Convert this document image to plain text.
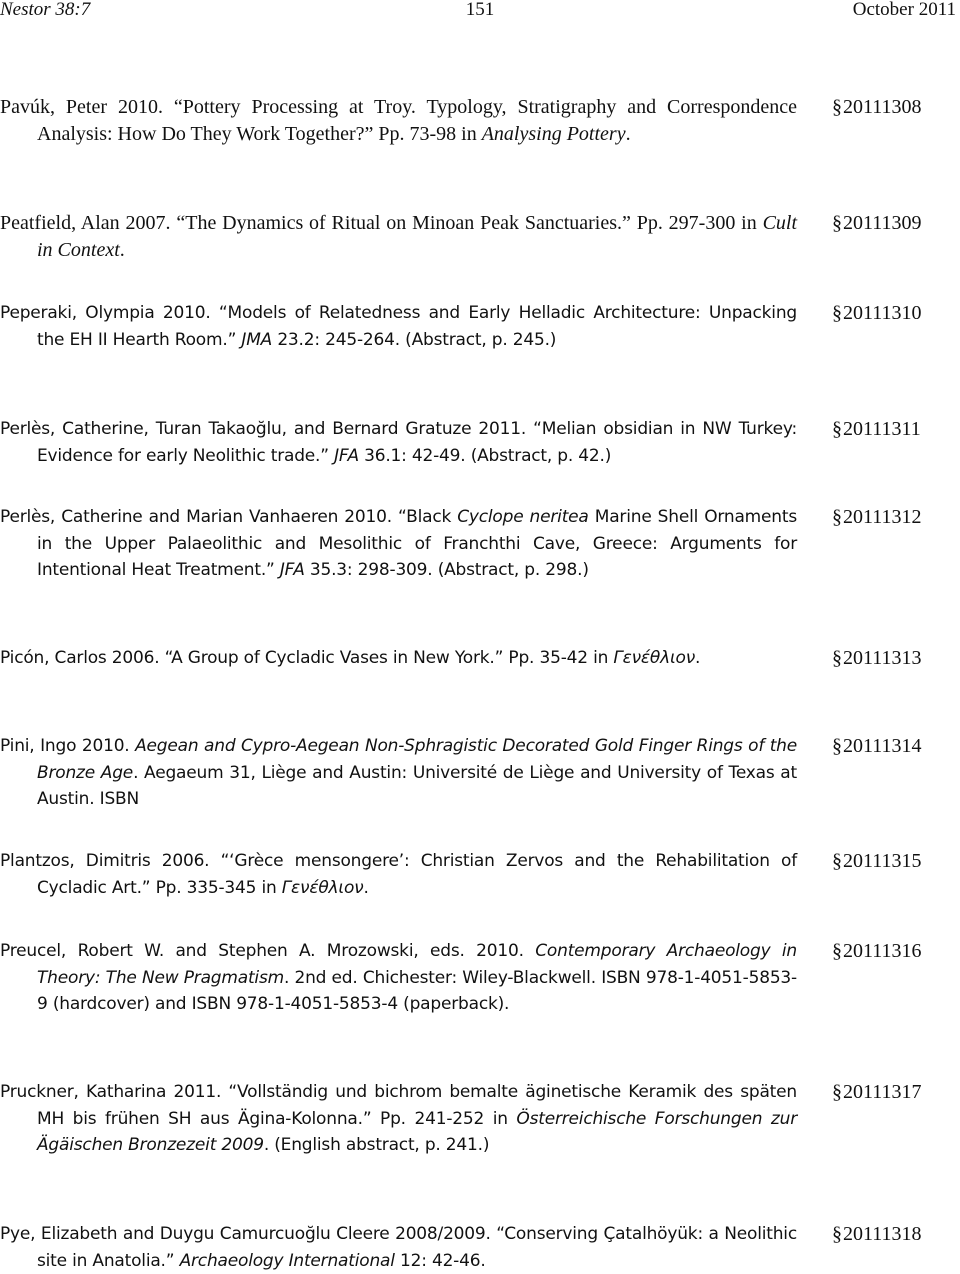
Nestor 38:7	151	October 2011
Pavúk, Peter 2010. “Pottery Processing at Troy. Typology, Stratigraphy and Correspondence Analysis: How Do They Work Together?” Pp. 73-98 in Analysing Pottery.
§20111308
Peatfield, Alan 2007. “The Dynamics of Ritual on Minoan Peak Sanctuaries.” Pp. 297-300 in Cult in Context.
§20111309
Peperaki, Olympia 2010. “Models of Relatedness and Early Helladic Architecture: Unpacking the EH II Hearth Room.” JMA 23.2: 245-264. (Abstract, p. 245.)
§20111310
Perlès, Catherine, Turan Takaoğlu, and Bernard Gratuze 2011. “Melian obsidian in NW Turkey: Evidence for early Neolithic trade.” JFA 36.1: 42-49. (Abstract, p. 42.)
§20111311
Perlès, Catherine and Marian Vanhaeren 2010. “Black Cyclope neritea Marine Shell Ornaments in the Upper Palaeolithic and Mesolithic of Franchthi Cave, Greece: Arguments for Intentional Heat Treatment.” JFA 35.3: 298-309. (Abstract, p. 298.)
§20111312
Picón, Carlos 2006. “A Group of Cycladic Vases in New York.” Pp. 35-42 in Γενέθλιον.	§20111313
Pini, Ingo 2010. Aegean and Cypro-Aegean Non-Sphragistic Decorated Gold Finger Rings of the Bronze Age. Aegaeum 31, Liège and Austin: Université de Liège and University of Texas at Austin. ISBN
§20111314
Plantzos, Dimitris 2006. “‘Grèce mensongere’: Christian Zervos and the Rehabilitation of Cycladic Art.” Pp. 335-345 in Γενέθλιον.
§20111315
Preucel, Robert W. and Stephen A. Mrozowski, eds. 2010. Contemporary Archaeology in Theory: The New Pragmatism. 2nd ed. Chichester: Wiley-Blackwell. ISBN 978-1-4051-5853-9 (hardcover) and ISBN 978-1-4051-5853-4 (paperback).
§20111316
Pruckner, Katharina 2011. “Vollständig und bichrom bemalte äginetische Keramik des späten MH bis frühen SH aus Ägina-Kolonna.” Pp. 241-252 in Österreichische Forschungen zur Ägäischen Bronzezeit 2009. (English abstract, p. 241.)
§20111317
Pye, Elizabeth and Duygu Camurcuoğlu Cleere 2008/2009. “Conserving Çatalhöyük: a Neolithic site in Anatolia.” Archaeology International 12: 42-46.
§20111318
